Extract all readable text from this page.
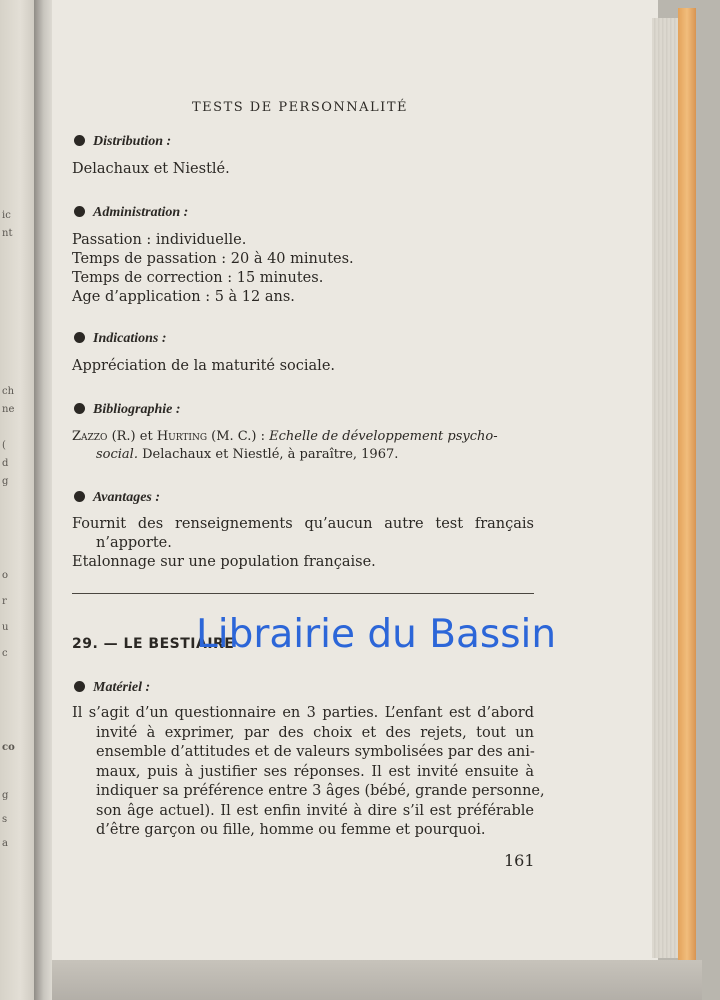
ic
nt
ch
ne
(
d
g
o
r
u
c
co
g
s
a
TESTS DE PERSONNALITÉ
Distribution :
Delachaux et Niestlé.
Administration :
Passation : individuelle.
Temps de passation : 20 à 40 minutes.
Temps de correction : 15 minutes.
Age d’application : 5 à 12 ans.
Indications :
Appréciation de la maturité sociale.
Bibliographie :
Zazzo (R.) et Hurting (M. C.) : Echelle de développement psycho-
social. Delachaux et Niestlé, à paraître, 1967.
Avantages :
Fournit des renseignements qu’aucun autre test français
n’apporte.
Etalonnage sur une population française.
29. — LE BESTIAIRE
Matériel :
Il s’agit d’un questionnaire en 3 parties. L’enfant est d’abord
invité à exprimer, par des choix et des rejets, tout un
ensemble d’attitudes et de valeurs symbolisées par des ani-
maux, puis à justifier ses réponses. Il est invité ensuite à
indiquer sa préférence entre 3 âges (bébé, grande personne,
son âge actuel). Il est enfin invité à dire s’il est préférable
d’être garçon ou fille, homme ou femme et pourquoi.
161
Librairie du Bassin
